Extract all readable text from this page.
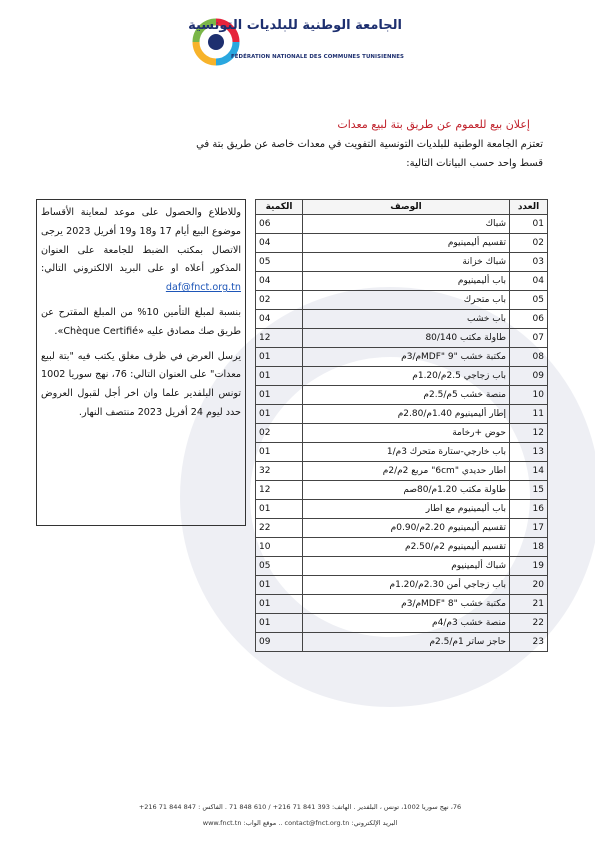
الجامعة الوطنية للبلديات التونسية
FÉDÉRATION NATIONALE DES COMMUNES TUNISIENNES
إعلان بيع للعموم عن طريق بتة لبيع معدات
تعتزم الجامعة الوطنية للبلديات التونسية التفويت في معدات خاصة عن طريق بتة في
قسط واحد حسب البيانات التالية:
العدد	الوصف	الكمية
01	شباك	06
02	تقسيم أليمينيوم	04
03	شباك خزانة	05
04	باب أليمينيوم	04
05	باب متحرك	02
06	باب خشب	04
07	طاولة مكتب 80/140	12
08	مكتبة خشب "MDF" 9م/3م	01
09	باب زجاجي 2.5م/1.20م	01
10	منصة خشب 5م/2.5م	01
11	إطار أليمينيوم 1.40م/2.80م	01
12	حوض +رخامة	02
13	باب خارجي-ستارة متحرك 3م/1	01
14	اطار حديدي "6cm" مربع 2م/2م	32
15	طاولة مكتب 1.20م/80صم	12
16	باب أليمينيوم مع اطار	01
17	تقسيم أليمينيوم 2.20م/0.90م	22
18	تقسيم أليمينيوم 2م/2.50م	10
19	شباك أليمينيوم	05
20	باب زجاجي أمن 2.30م/1.20م	01
21	مكتبة خشب "MDF" 8م/3م	01
22	منصة خشب 3م/4م	01
23	حاجز ساتر 1م/2.5م	09

وللاطلاع والحصول على موعد لمعاينة الأقساط موضوع البيع أيام 17 و18 و19 أفريل 2023 يرجى الاتصال بمكتب الضبط للجامعة على العنوان المذكور أعلاه او على البريد الالكتروني التالي: daf@fnct.org.tn

بنسبة لمبلغ التأمين 10% من المبلغ المقترح عن طريق صك مصادق عليه «Chèque Certifié».

يرسل العرض في ظرف مغلق يكتب فيه "بتة لبيع معدات" على العنوان التالي: 76، نهج سوريا 1002 تونس البلفدير علما وان اخر أجل لقبول العروض حدد ليوم 24 أفريل 2023 منتصف النهار.

76، نهج سوريا 1002، تونس ، البلفدير . الهاتف: 393 841 71 216+ / 610 848 71 . الفاكس : 847 844 71 216+
البريد الإلكتروني: contact@fnct.org.tn .. موقع الواب: www.fnct.tn
